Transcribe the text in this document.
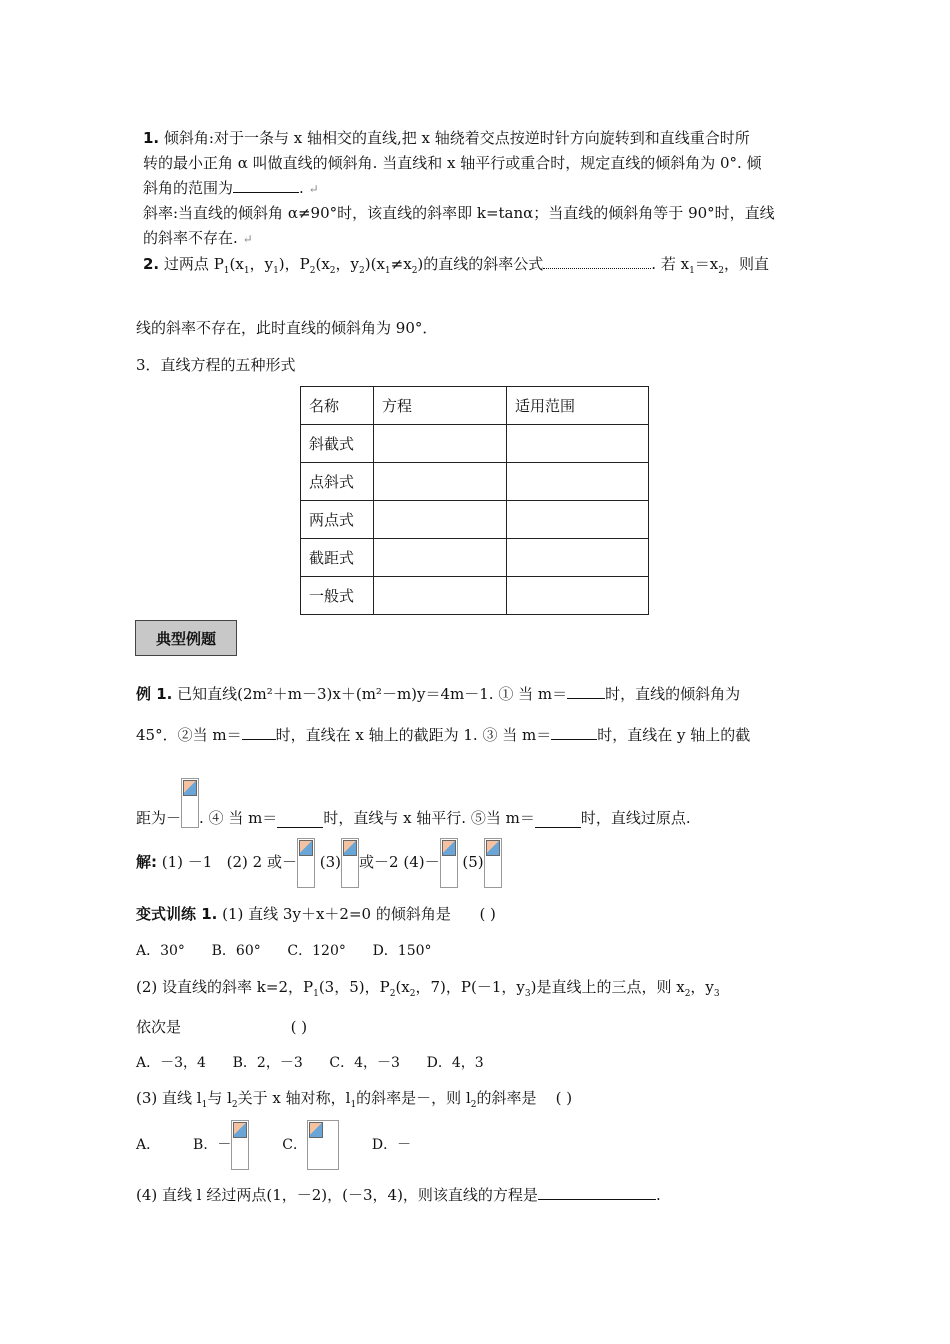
1. 倾斜角:对于一条与 x 轴相交的直线,把 x 轴绕着交点按逆时针方向旋转到和直线重合时所
转的最小正角 α 叫做直线的倾斜角. 当直线和 x 轴平行或重合时，规定直线的倾斜角为 0°. 倾
斜角的范围为	. ↵
斜率:当直线的倾斜角 α≠90°时，该直线的斜率即 k=tanα；当直线的倾斜角等于 90°时，直线
的斜率不存在. ↵
2. 过两点 $P_1(x_1$，$y_1$)，$P_2(x_2$，$y_2)(x_1\ne x_2)$的直线的斜率公式	. 若 $x_1=x_2$，则直
线的斜率不存在，此时直线的倾斜角为 90°．
3．直线方程的五种形式
名称	方程	适用范围
斜截式		
点斜式		
两点式		
截距式		
一般式		
典型例题
例 1. 已知直线(2m²＋m－3)x＋(m²－m)y＝4m－1. ① 当 m＝	时，直线的倾斜角为
45°．②当 m＝ 时，直线在 x 轴上的截距为 1. ③ 当 m＝	时，直线在 y 轴上的截
距为－ . ④ 当 m＝	时，直线与 x 轴平行. ⑤当 m＝	时，直线过原点.
解: (1) －1 (2) 2 或－ (3) 或－2 (4)－ (5)
变式训练 1. (1) 直线 3y＋x＋2=0 的倾斜角是 ( )
A．30°      B．60°      C．120°      D．150°
(2) 设直线的斜率 k=2，$P_1(3$，5)，$P_2(x_2$，7)，P(－1，$y_3$)是直线上的三点，则 $x_2$，$y_3$
依次是	( )
A．－3，4      B．2，－3      C．4，－3      D．4，3
(3) 直线 $l_1$与 $l_2$关于 x 轴对称，$l_1$的斜率是－，则 $l_2$的斜率是 ( )
A． B．－	C．	D．－
(4) 直线 l 经过两点(1，－2)，(－3，4)，则该直线的方程是	.
